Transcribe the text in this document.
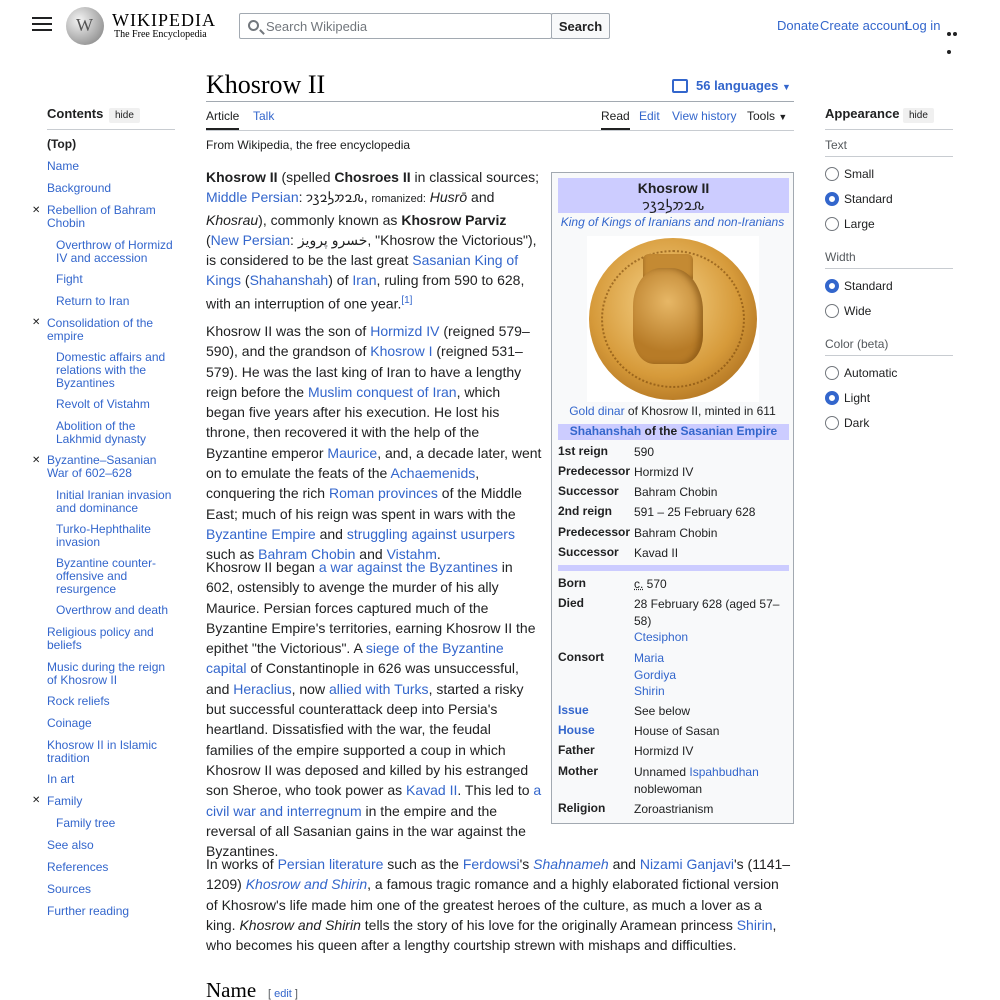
W
WIKIPEDIA
The Free Encyclopedia
Search Wikipedia
Search	Donate Create account
Log in
Khosrow II	56 languages ▼
Article Talk	Read Edit View history Tools ▼
From Wikipedia, the free encyclopedia
Contents	hide
(Top)
Name
Background
✕ Rebellion of Bahram Chobin
Overthrow of Hormizd IV and accession
Fight
Return to Iran
✕ Consolidation of the empire
Domestic affairs and relations with the Byzantines
Revolt of Vistahm
Abolition of the Lakhmid dynasty
✕ Byzantine–Sasanian War of 602–628
Initial Iranian invasion and dominance
Turko-Hephthalite invasion
Byzantine counter-offensive and resurgence
Overthrow and death
Religious policy and beliefs
Music during the reign of Khosrow II
Rock reliefs
Coinage
Khosrow II in Islamic tradition
In art
✕ Family
Family tree
See also
References
Sources
Further reading
Appearance hide
Text
Small
Standard
Large
Width
Standard
Wide
Color (beta)
Automatic
Light
Dark
Khosrow II (spelled Chosroes II in classical sources; Middle Persian: 𐭧𐭥𐭮𐭫𐭥𐭣𐭩, romanized: Husrō and Khosrau), commonly known as Khosrow Parviz (New Persian: خسرو پرویز, "Khosrow the Victorious"), is considered to be the last great Sasanian King of Kings (Shahanshah) of Iran, ruling from 590 to 628, with an interruption of one year.[1]
Khosrow II was the son of Hormizd IV (reigned 579–590), and the grandson of Khosrow I (reigned 531–579). He was the last king of Iran to have a lengthy reign before the Muslim conquest of Iran, which began five years after his execution. He lost his throne, then recovered it with the help of the Byzantine emperor Maurice, and, a decade later, went on to emulate the feats of the Achaemenids, conquering the rich Roman provinces of the Middle East; much of his reign was spent in wars with the Byzantine Empire and struggling against usurpers such as Bahram Chobin and Vistahm.
Khosrow II began a war against the Byzantines in 602, ostensibly to avenge the murder of his ally Maurice. Persian forces captured much of the Byzantine Empire's territories, earning Khosrow II the epithet "the Victorious". A siege of the Byzantine capital of Constantinople in 626 was unsuccessful, and Heraclius, now allied with Turks, started a risky but successful counterattack deep into Persia's heartland. Dissatisfied with the war, the feudal families of the empire supported a coup in which Khosrow II was deposed and killed by his estranged son Sheroe, who took power as Kavad II. This led to a civil war and interregnum in the empire and the reversal of all Sasanian gains in the war against the Byzantines.
In works of Persian literature such as the Ferdowsi's Shahnameh and Nizami Ganjavi's (1141–1209) Khosrow and Shirin, a famous tragic romance and a highly elaborated fictional version of Khosrow's life made him one of the greatest heroes of the culture, as much a lover as a king. Khosrow and Shirin tells the story of his love for the originally Aramean princess Shirin, who becomes his queen after a lengthy courtship strewn with mishaps and difficulties.
Khosrow II
𐭧𐭥𐭮𐭫𐭥𐭣𐭩
King of Kings of Iranians and non-Iranians
Gold dinar of Khosrow II, minted in 611
Shahanshah of the Sasanian Empire
1st reign 590
Predecessor Hormizd IV
Successor Bahram Chobin
2nd reign 591 – 25 February 628
Predecessor Bahram Chobin
Successor Kavad II
Born	c. 570
Died	28 February 628 (aged 57–58)
Ctesiphon
Consort	Maria
Gordiya
Shirin
Issue	See below
House	House of Sasan
Father	Hormizd IV
Mother	Unnamed Ispahbudhan noblewoman
Religion Zoroastrianism
Name [ edit ]
